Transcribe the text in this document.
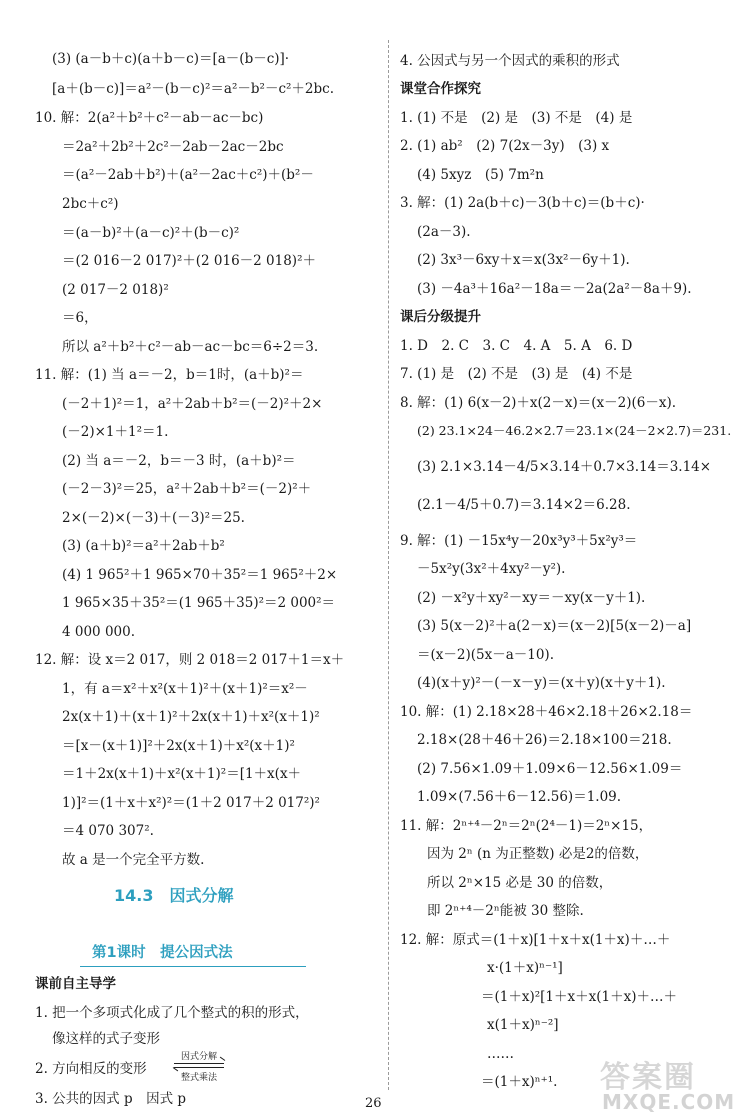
(3) (a－b＋c)(a＋b－c)＝[a－(b－c)]·
[a＋(b－c)]＝a²－(b－c)²＝a²－b²－c²＋2bc.
10. 解：2(a²＋b²＋c²－ab－ac－bc)
＝2a²＋2b²＋2c²－2ab－2ac－2bc
＝(a²－2ab＋b²)＋(a²－2ac＋c²)＋(b²－
2bc＋c²)
＝(a－b)²＋(a－c)²＋(b－c)²
＝(2 016－2 017)²＋(2 016－2 018)²＋
(2 017－2 018)²
＝6，
所以 a²＋b²＋c²－ab－ac－bc＝6÷2＝3.
11. 解：(1) 当 a＝－2，b＝1时，(a＋b)²＝
(－2＋1)²＝1，a²＋2ab＋b²＝(－2)²＋2×
(－2)×1＋1²＝1.
(2) 当 a＝－2，b＝－3 时，(a＋b)²＝
(－2－3)²＝25，a²＋2ab＋b²＝(－2)²＋
2×(－2)×(－3)＋(－3)²＝25.
(3) (a＋b)²＝a²＋2ab＋b²
(4) 1 965²＋1 965×70＋35²＝1 965²＋2×
1 965×35＋35²＝(1 965＋35)²＝2 000²＝
4 000 000.
12. 解：设 x＝2 017，则 2 018＝2 017＋1＝x＋
1，有 a＝x²＋x²(x＋1)²＋(x＋1)²＝x²－
2x(x＋1)＋(x＋1)²＋2x(x＋1)＋x²(x＋1)²
＝[x－(x＋1)]²＋2x(x＋1)＋x²(x＋1)²
＝1＋2x(x＋1)＋x²(x＋1)²＝[1＋x(x＋
1)]²＝(1＋x＋x²)²＝(1＋2 017＋2 017²)²
＝4 070 307².
故 a 是一个完全平方数.
14.3　因式分解
第1课时　提公因式法
课前自主导学
1. 把一个多项式化成了几个整式的积的形式，
像这样的式子变形
2. 方向相反的变形
因式分解
整式乘法
3. 公共的因式 p　因式 p
4. 公因式与另一个因式的乘积的形式
课堂合作探究
1. (1) 不是　(2) 是　(3) 不是　(4) 是
2. (1) ab²　(2) 7(2x－3y)　(3) x
(4) 5xyz　(5) 7m²n
3. 解：(1) 2a(b＋c)－3(b＋c)＝(b＋c)·
(2a－3).
(2) 3x³－6xy＋x＝x(3x²－6y＋1).
(3) －4a³＋16a²－18a＝－2a(2a²－8a＋9).
课后分级提升
1. D　2. C　3. C　4. A　5. A　6. D
7. (1) 是　(2) 不是　(3) 是　(4) 不是
8. 解：(1) 6(x－2)＋x(2－x)＝(x－2)(6－x).
(2) 23.1×24－46.2×2.7＝23.1×(24－2×2.7)＝231.
(3) 2.1×3.14－4/5×3.14＋0.7×3.14＝3.14×
(2.1－4/5＋0.7)＝3.14×2＝6.28.
9. 解：(1) －15x⁴y－20x³y³＋5x²y³＝
－5x²y(3x²＋4xy²－y²).
(2) －x²y＋xy²－xy＝－xy(x－y＋1).
(3) 5(x－2)²＋a(2－x)＝(x－2)[5(x－2)－a]
＝(x－2)(5x－a－10).
(4)(x＋y)²－(－x－y)＝(x＋y)(x＋y＋1).
10. 解：(1) 2.18×28＋46×2.18＋26×2.18＝
2.18×(28＋46＋26)＝2.18×100＝218.
(2) 7.56×1.09＋1.09×6－12.56×1.09＝
1.09×(7.56＋6－12.56)＝1.09.
11. 解：2ⁿ⁺⁴－2ⁿ＝2ⁿ(2⁴－1)＝2ⁿ×15，
因为 2ⁿ (n 为正整数) 必是2的倍数，
所以 2ⁿ×15 必是 30 的倍数，
即 2ⁿ⁺⁴－2ⁿ能被 30 整除.
12. 解：原式＝(1＋x)[1＋x＋x(1＋x)＋…＋
x·(1＋x)ⁿ⁻¹]
＝(1＋x)²[1＋x＋x(1＋x)＋…＋
x(1＋x)ⁿ⁻²]
……
＝(1＋x)ⁿ⁺¹.
26
答案圈
MXQE.COM
